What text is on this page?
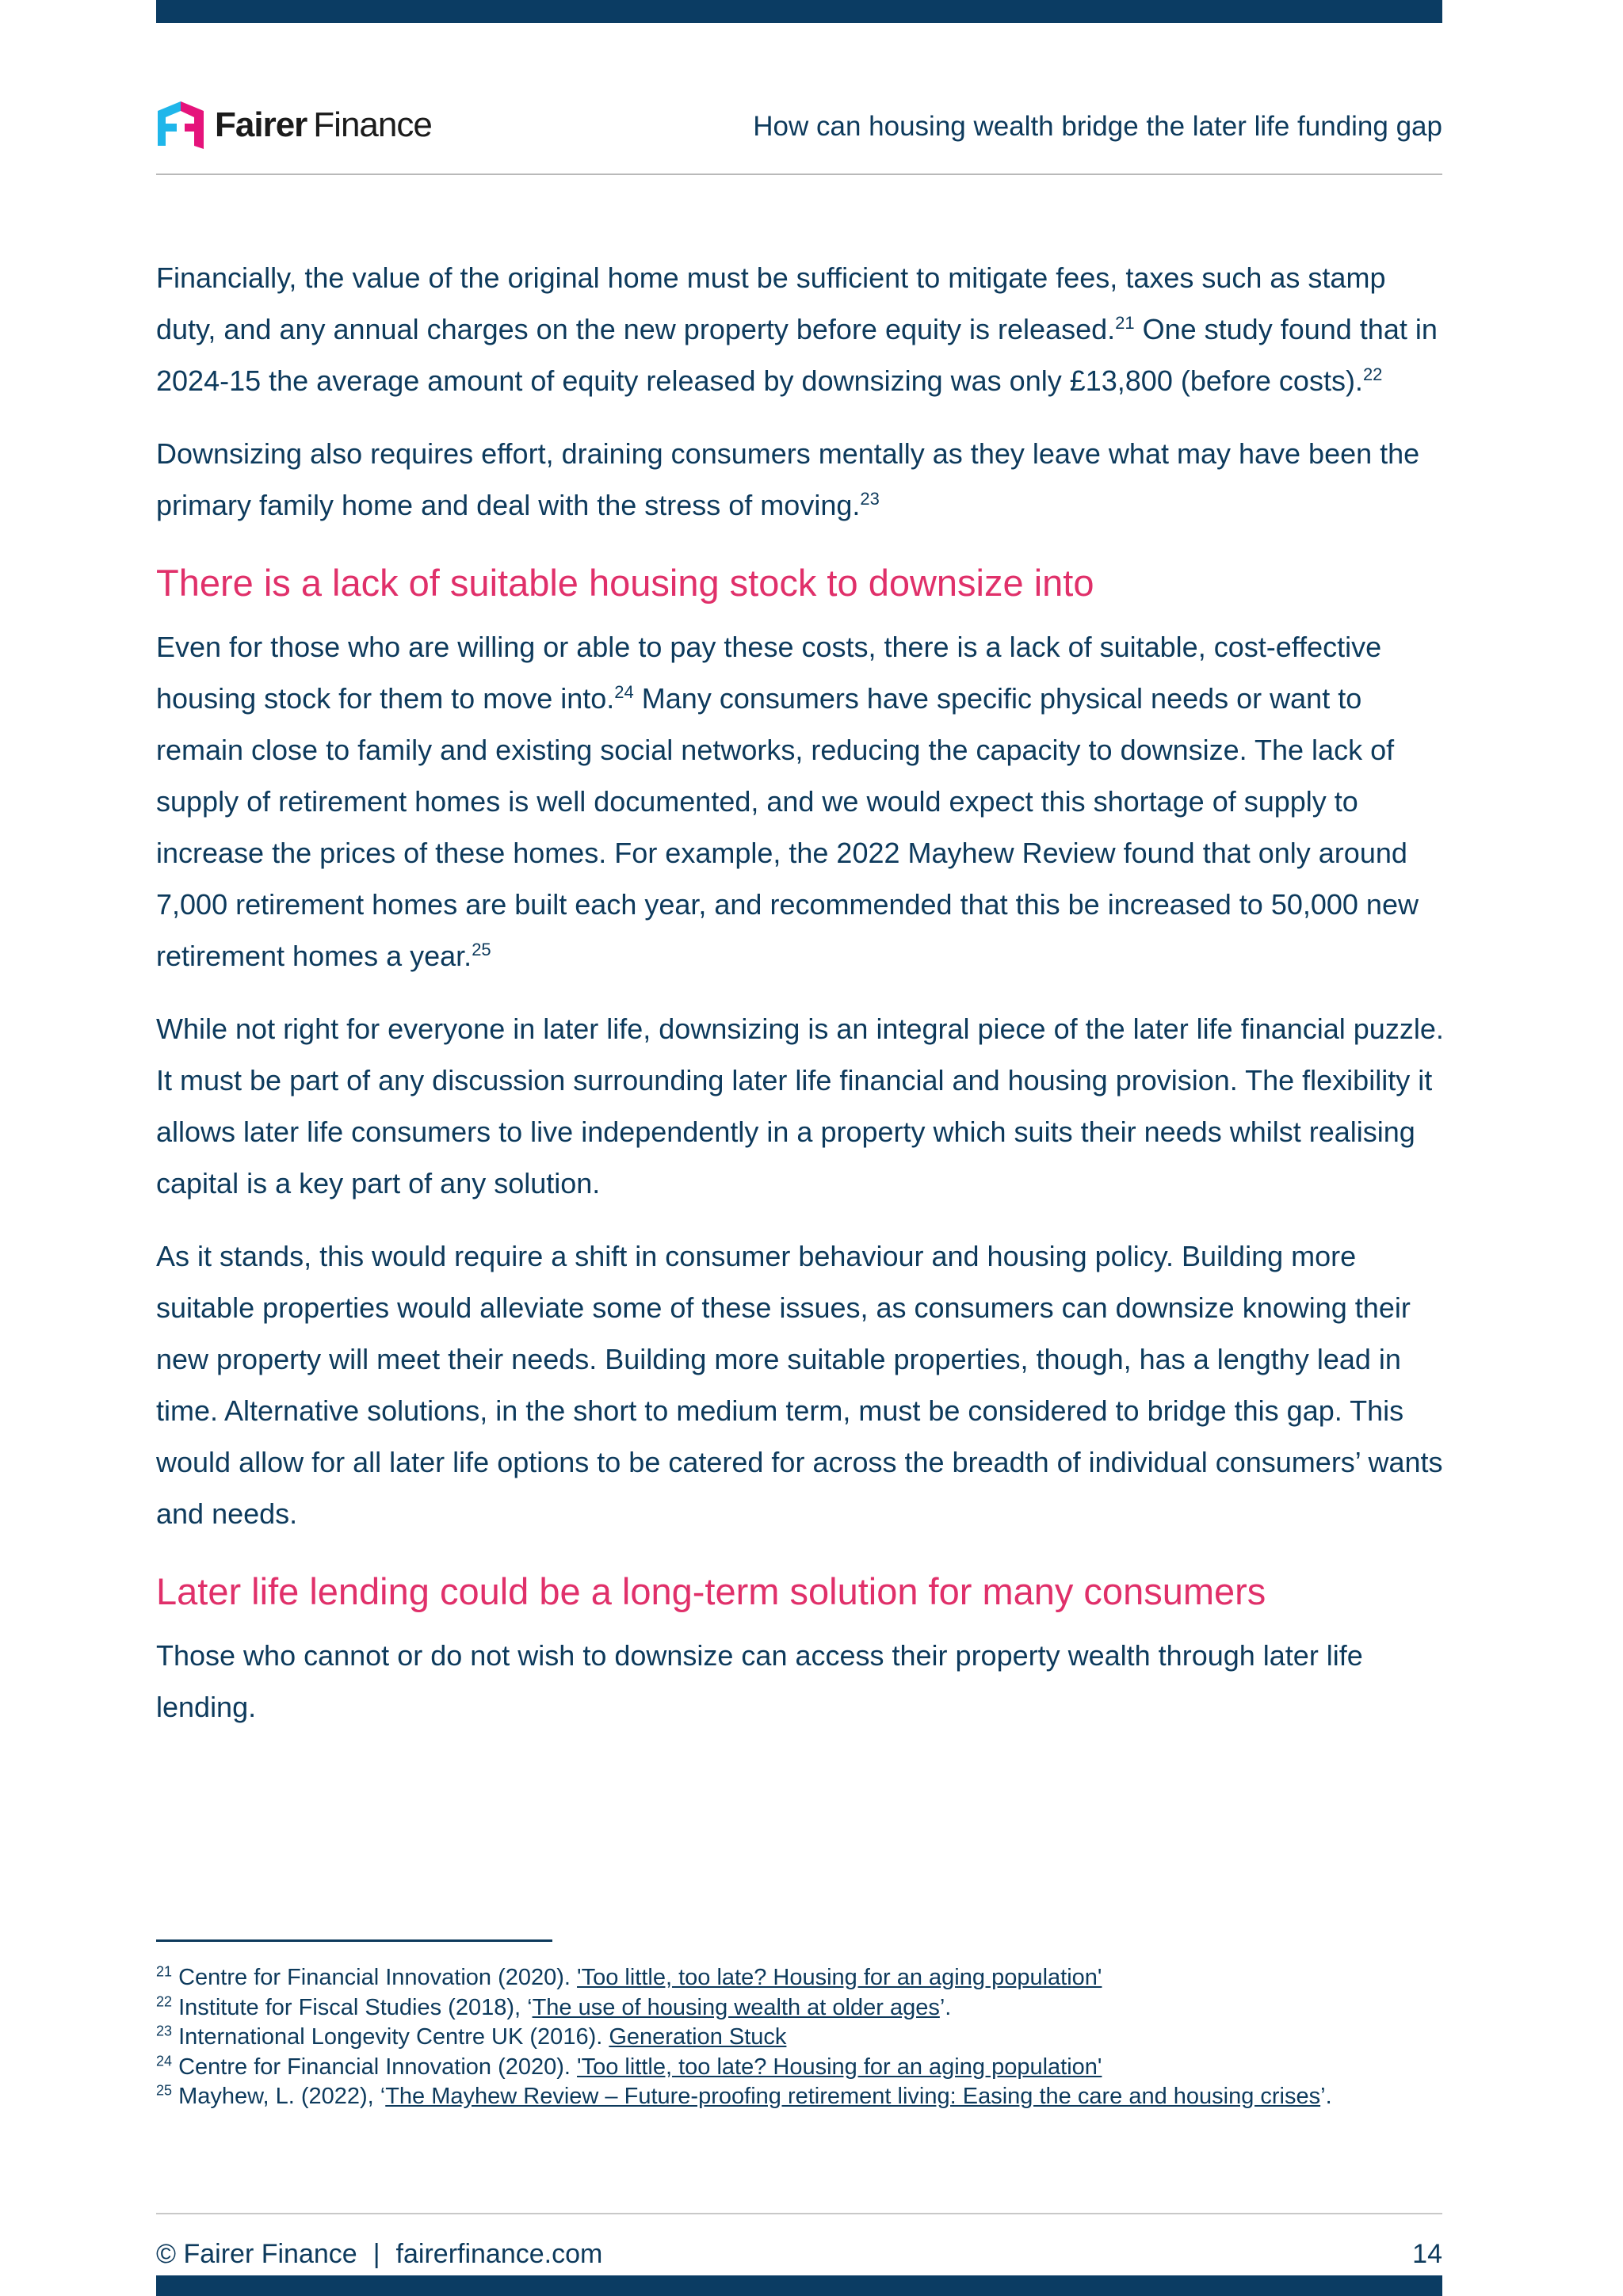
Fairer Finance	How can housing wealth bridge the later life funding gap

Financially, the value of the original home must be sufficient to mitigate fees, taxes such as stamp duty, and any annual charges on the new property before equity is released.$^{21}$ One study found that in 2024-15 the average amount of equity released by downsizing was only £13,800 (before costs).$^{22}$

Downsizing also requires effort, draining consumers mentally as they leave what may have been the primary family home and deal with the stress of moving.$^{23}$

There is a lack of suitable housing stock to downsize into

Even for those who are willing or able to pay these costs, there is a lack of suitable, cost-effective housing stock for them to move into.$^{24}$ Many consumers have specific physical needs or want to remain close to family and existing social networks, reducing the capacity to downsize. The lack of supply of retirement homes is well documented, and we would expect this shortage of supply to increase the prices of these homes. For example, the 2022 Mayhew Review found that only around 7,000 retirement homes are built each year, and recommended that this be increased to 50,000 new retirement homes a year.$^{25}$

While not right for everyone in later life, downsizing is an integral piece of the later life financial puzzle. It must be part of any discussion surrounding later life financial and housing provision. The flexibility it allows later life consumers to live independently in a property which suits their needs whilst realising capital is a key part of any solution.

As it stands, this would require a shift in consumer behaviour and housing policy. Building more suitable properties would alleviate some of these issues, as consumers can downsize knowing their new property will meet their needs. Building more suitable properties, though, has a lengthy lead in time. Alternative solutions, in the short to medium term, must be considered to bridge this gap. This would allow for all later life options to be catered for across the breadth of individual consumers’ wants and needs.

Later life lending could be a long-term solution for many consumers

Those who cannot or do not wish to downsize can access their property wealth through later life lending.

$^{21}$ Centre for Financial Innovation (2020). 'Too little, too late? Housing for an aging population'
$^{22}$ Institute for Fiscal Studies (2018), ‘The use of housing wealth at older ages’.
$^{23}$ International Longevity Centre UK (2016). Generation Stuck
$^{24}$ Centre for Financial Innovation (2020). 'Too little, too late? Housing for an aging population'
$^{25}$ Mayhew, L. (2022), ‘The Mayhew Review – Future-proofing retirement living: Easing the care and housing crises’.
© Fairer Finance | fairerfinance.com	14
